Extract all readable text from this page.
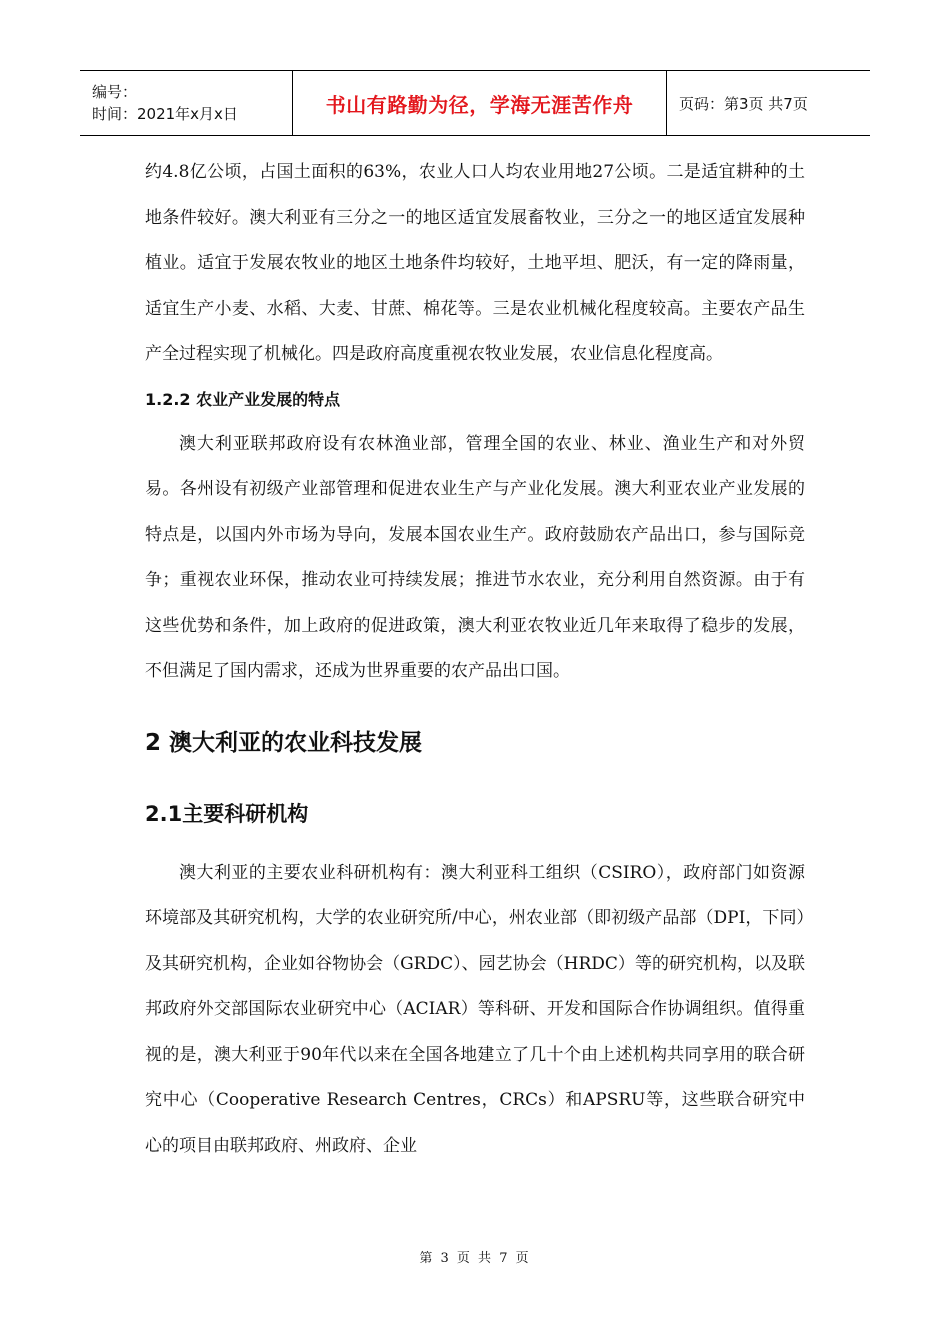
编号：
时间：2021年x月x日	书山有路勤为径，学海无涯苦作舟	页码：第3页 共7页

约4.8亿公顷，占国土面积的63%，农业人口人均农业用地27公顷。二是适宜耕种的土地条件较好。澳大利亚有三分之一的地区适宜发展畜牧业，三分之一的地区适宜发展种植业。适宜于发展农牧业的地区土地条件均较好，土地平坦、肥沃，有一定的降雨量，适宜生产小麦、水稻、大麦、甘蔗、棉花等。三是农业机械化程度较高。主要农产品生产全过程实现了机械化。四是政府高度重视农牧业发展，农业信息化程度高。

1.2.2 农业产业发展的特点

澳大利亚联邦政府设有农林渔业部，管理全国的农业、林业、渔业生产和对外贸易。各州设有初级产业部管理和促进农业生产与产业化发展。澳大利亚农业产业发展的特点是，以国内外市场为导向，发展本国农业生产。政府鼓励农产品出口，参与国际竞争；重视农业环保，推动农业可持续发展；推进节水农业，充分利用自然资源。由于有这些优势和条件，加上政府的促进政策，澳大利亚农牧业近几年来取得了稳步的发展，不但满足了国内需求，还成为世界重要的农产品出口国。

2 澳大利亚的农业科技发展
2.1主要科研机构

澳大利亚的主要农业科研机构有：澳大利亚科工组织（CSIRO），政府部门如资源环境部及其研究机构，大学的农业研究所/中心，州农业部（即初级产品部（DPI，下同）及其研究机构，企业如谷物协会（GRDC）、园艺协会（HRDC）等的研究机构，以及联邦政府外交部国际农业研究中心（ACIAR）等科研、开发和国际合作协调组织。值得重视的是，澳大利亚于90年代以来在全国各地建立了几十个由上述机构共同享用的联合研究中心（Cooperative Research Centres，CRCs）和APSRU等，这些联合研究中心的项目由联邦政府、州政府、企业

第 3 页 共 7 页
